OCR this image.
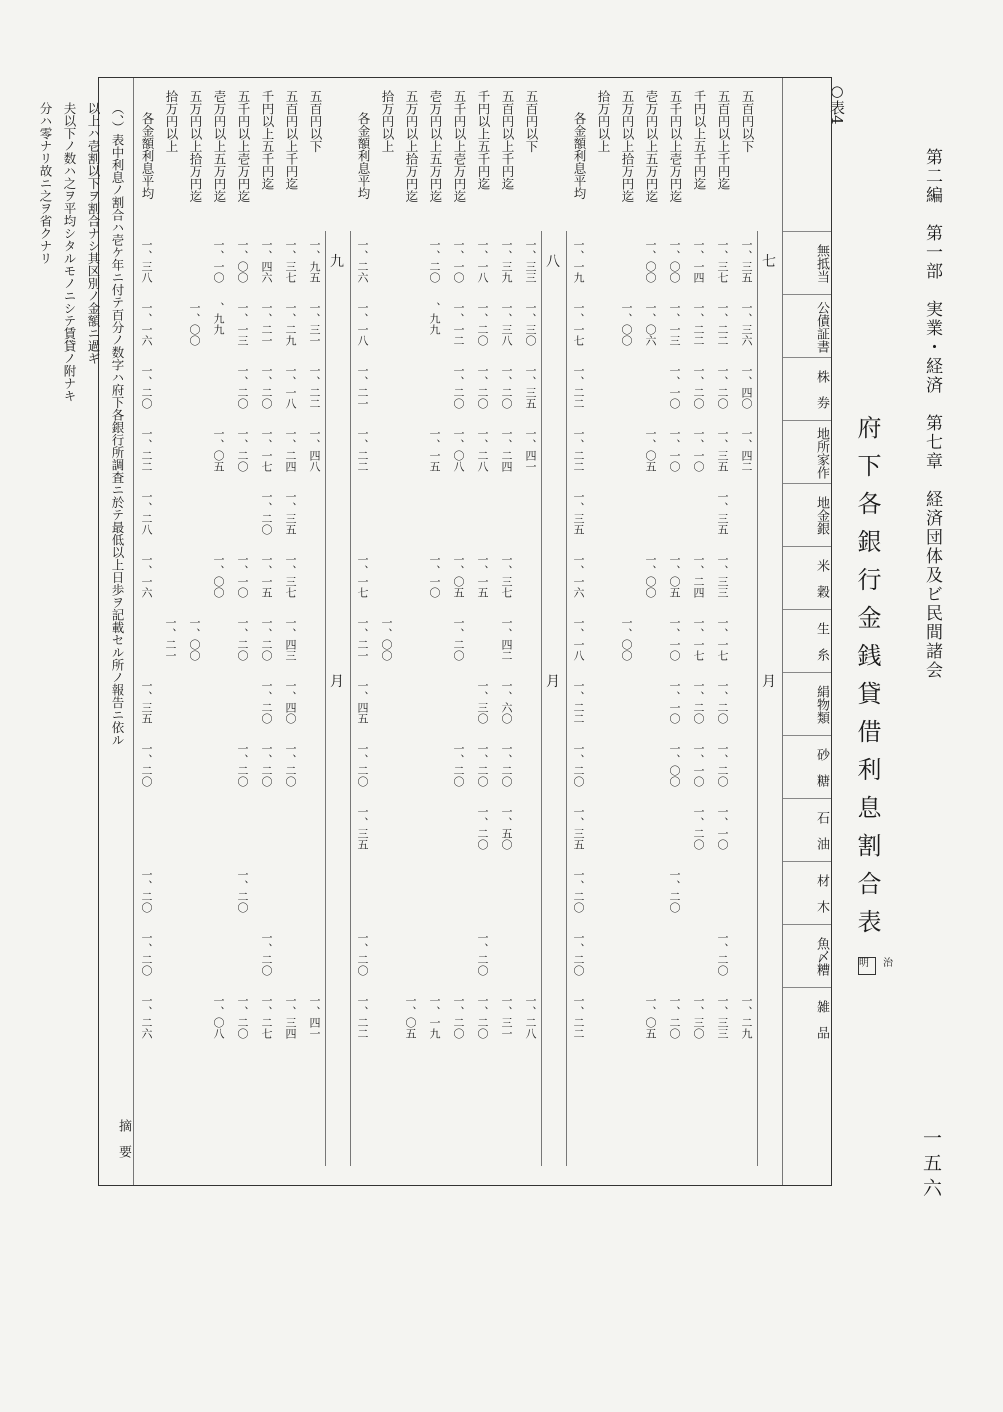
第二編　第一部　実業・経済　第七章　経済団体及ビ民間諸会
一五六
府下各銀行金銭貸借利息割合表明治
○表4
無抵当
公債証書
株　券
地所家作
地金銀
米　穀
生　糸
絹物類
砂　糖
石　油
材　木
魚〆糟
雑　品
七
月
五百円以下
一、三五
一、三六
一、四〇
一、四二
一、二九
五百円以上千円迄
一、三七
一、二二
一、二〇
一、三五
一、三五
一、三三
一、一七
一、二〇
一、二〇
一、一〇
一、二〇
一、三三
千円以上五千円迄
一、一四
一、二二
一、二〇
一、一〇
一、二四
一、一七
一、二〇
一、一〇
一、二〇
一、三〇
五千円以上壱万円迄
一、〇〇
一、一三
一、一〇
一、一〇
一、〇五
一、一〇
一、一〇
一、〇〇
一、二〇
一、二〇
壱万円以上五万円迄
一、〇〇
一、〇六
一、〇五
一、〇〇
一、〇五
五万円以上拾万円迄
一、〇〇
一、〇〇
拾万円以上
各金額利息平均
一、一九
一、一七
一、二二
一、二二
一、三五
一、一六
一、一八
一、二二
一、二〇
一、三五
一、二〇
一、二〇
一、二二
八
月
五百円以下
一、三三
一、三〇
一、三五
一、四一
一、二八
五百円以上千円迄
一、三九
一、三八
一、二〇
一、二四
一、三七
一、四二
一、六〇
一、二〇
一、五〇
一、三一
千円以上五千円迄
一、一八
一、二〇
一、二〇
一、二八
一、一五
一、三〇
一、二〇
一、二〇
一、二〇
一、二〇
五千円以上壱万円迄
一、一〇
一、一二
一、二〇
一、〇八
一、〇五
一、二〇
一、二〇
一、二〇
壱万円以上五万円迄
一、二〇
、九九
一、一五
一、一〇
一、一九
五万円以上拾万円迄
一、〇五
拾万円以上
一、〇〇
各金額利息平均
一、二六
一、一八
一、二一
一、二二
一、一七
一、二一
一、四五
一、二〇
一、三五
一、二〇
一、二二
九
月
五百円以下
一、九五
一、三一
一、二二
一、四八
一、四一
五百円以上千円迄
一、三七
一、二九
一、一八
一、二四
一、三五
一、三七
一、四三
一、四〇
一、二〇
一、三四
千円以上五千円迄
一、四六
一、二一
一、二〇
一、一七
一、二〇
一、一五
一、二〇
一、二〇
一、二〇
一、二〇
一、二七
五千円以上壱万円迄
一、〇〇
一、一三
一、二〇
一、二〇
一、一〇
一、二〇
一、二〇
一、二〇
一、二〇
壱万円以上五万円迄
一、一〇
、九九
一、〇五
一、〇〇
一、〇八
五万円以上拾万円迄
一、〇〇
一、〇〇
拾万円以上
一、二一
各金額利息平均
一、三八
一、一六
一、二〇
一、二二
一、二八
一、一六
一、三五
一、二〇
一、二〇
一、二〇
一、二六
摘　要
（、）表中利息ノ割合ハ壱ケ年ニ付テ百分ノ数字ハ府下各銀行所調査ニ於テ最低以上日歩ヲ記載セル所ノ報告ニ依ル
以上ハ壱割以下ヲ割合ナシ其区別ノ金額ニ過ギ
夫以下ノ数ハ之ヲ平均シタルモノニシテ賃貸ノ附ナキ
分ハ零ナリ故ニ之ヲ省クナリ
